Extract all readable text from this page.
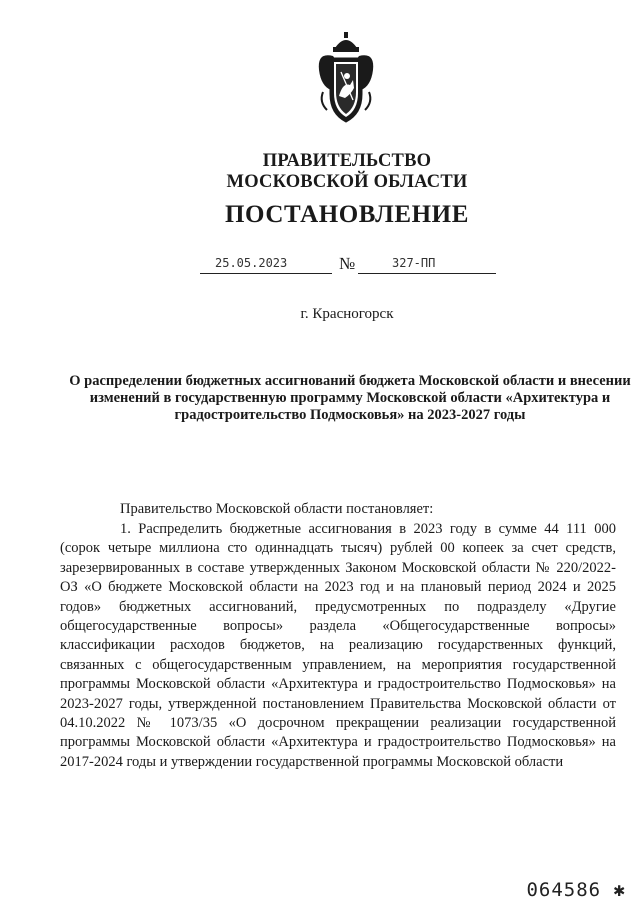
ПРАВИТЕЛЬСТВО
МОСКОВСКОЙ ОБЛАСТИ
ПОСТАНОВЛЕНИЕ
25.05.2023	№	327-ПП
г. Красногорск
О распределении бюджетных ассигнований бюджета Московской области и внесении изменений в государственную программу Московской области «Архитектура и градостроительство Подмосковья» на 2023-2027 годы
Правительство Московской области постановляет:
1. Распределить бюджетные ассигнования в 2023 году в сумме 44 111 000 (сорок четыре миллиона сто одиннадцать тысяч) рублей 00 копеек за счет средств, зарезервированных в составе утвержденных Законом Московской области № 220/2022-ОЗ «О бюджете Московской области на 2023 год и на плановый период 2024 и 2025 годов» бюджетных ассигнований, предусмотренных по подразделу «Другие общегосударственные вопросы» раздела «Общегосударственные вопросы» классификации расходов бюджетов, на реализацию государственных функций, связанных с общегосударственным управлением, на мероприятия государственной программы Московской области «Архитектура и градостроительство Подмосковья» на 2023-2027 годы, утвержденной постановлением Правительства Московской области от 04.10.2022 № 1073/35 «О досрочном прекращении реализации государственной программы Московской области «Архитектура и градостроительство Подмосковья» на 2017-2024 годы и утверждении государственной программы Московской области
064586 ✱
